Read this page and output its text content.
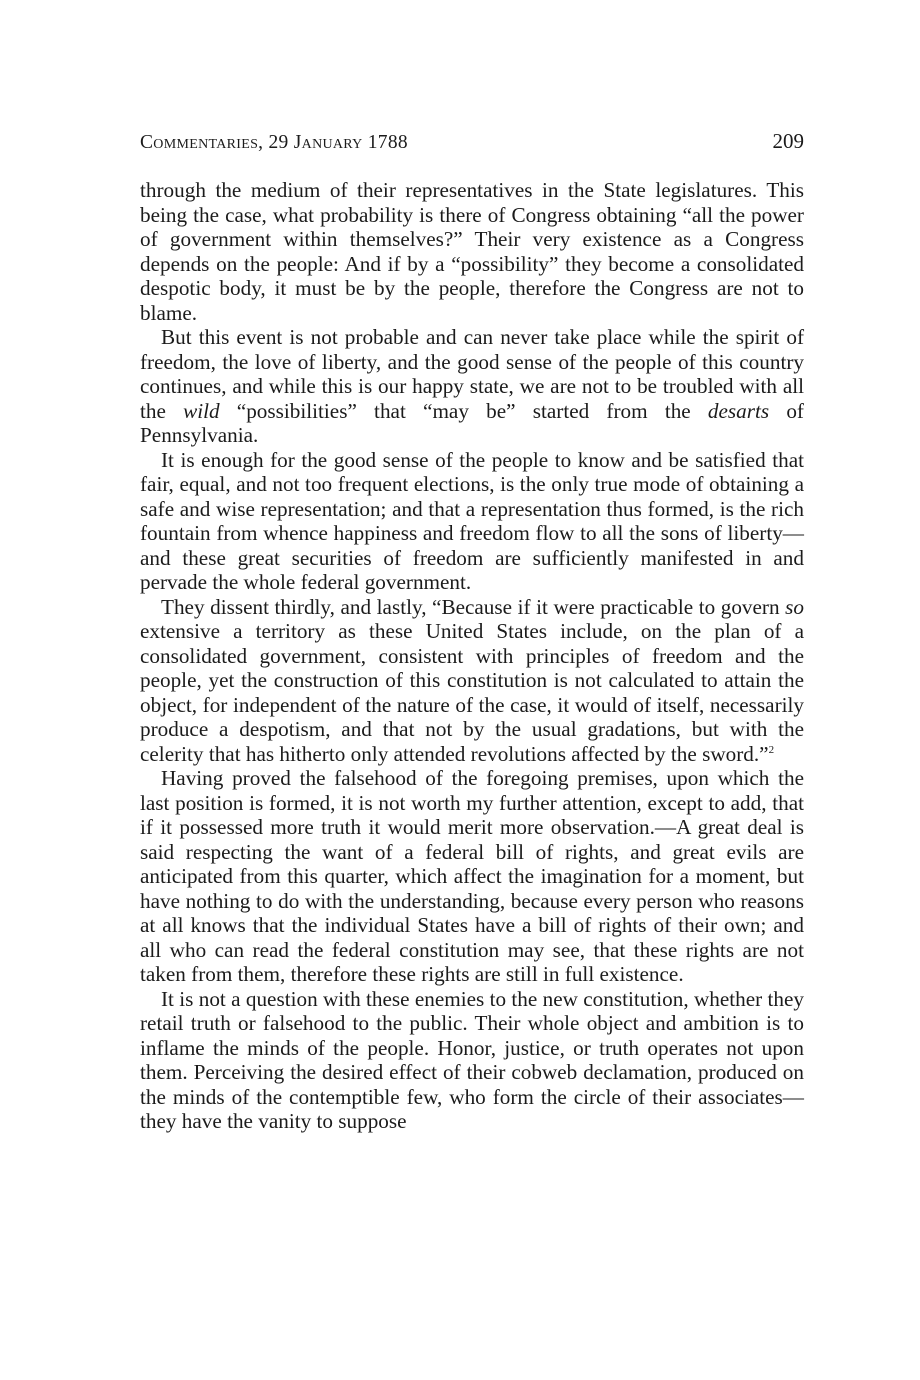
Commentaries, 29 January 1788	209

through the medium of their representatives in the State legislatures. This being the case, what probability is there of Congress obtaining “all the power of government within themselves?” Their very existence as a Congress depends on the people: And if by a “possibility” they become a consolidated despotic body, it must be by the people, therefore the Congress are not to blame.

But this event is not probable and can never take place while the spirit of freedom, the love of liberty, and the good sense of the people of this country continues, and while this is our happy state, we are not to be troubled with all the wild “possibilities” that “may be” started from the desarts of Pennsylvania.

It is enough for the good sense of the people to know and be satisfied that fair, equal, and not too frequent elections, is the only true mode of obtaining a safe and wise representation; and that a representation thus formed, is the rich fountain from whence happiness and freedom flow to all the sons of liberty—and these great securities of freedom are sufficiently manifested in and pervade the whole federal government.

They dissent thirdly, and lastly, “Because if it were practicable to govern so extensive a territory as these United States include, on the plan of a consolidated government, consistent with principles of freedom and the people, yet the construction of this constitution is not calculated to attain the object, for independent of the nature of the case, it would of itself, necessarily produce a despotism, and that not by the usual gradations, but with the celerity that has hitherto only attended revolutions affected by the sword.”$^2$

Having proved the falsehood of the foregoing premises, upon which the last position is formed, it is not worth my further attention, except to add, that if it possessed more truth it would merit more observation.—A great deal is said respecting the want of a federal bill of rights, and great evils are anticipated from this quarter, which affect the imagination for a moment, but have nothing to do with the understanding, because every person who reasons at all knows that the individual States have a bill of rights of their own; and all who can read the federal constitution may see, that these rights are not taken from them, therefore these rights are still in full existence.

It is not a question with these enemies to the new constitution, whether they retail truth or falsehood to the public. Their whole object and ambition is to inflame the minds of the people. Honor, justice, or truth operates not upon them. Perceiving the desired effect of their cobweb declamation, produced on the minds of the contemptible few, who form the circle of their associates—they have the vanity to suppose
